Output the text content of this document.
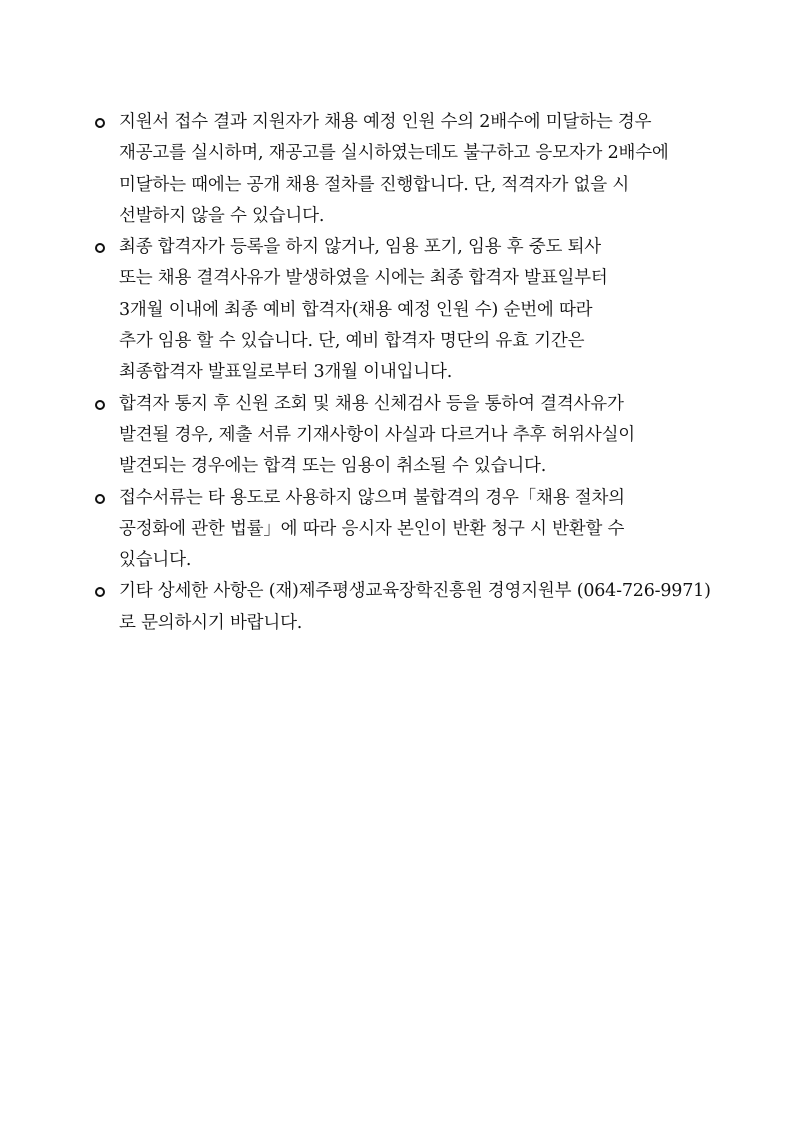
지원서 접수 결과 지원자가 채용 예정 인원 수의 2배수에 미달하는 경우
재공고를 실시하며, 재공고를 실시하였는데도 불구하고 응모자가 2배수에
미달하는 때에는 공개 채용 절차를 진행합니다. 단, 적격자가 없을 시
선발하지 않을 수 있습니다.
최종 합격자가 등록을 하지 않거나, 임용 포기, 임용 후 중도 퇴사
또는 채용 결격사유가 발생하였을 시에는 최종 합격자 발표일부터
3개월 이내에 최종 예비 합격자(채용 예정 인원 수) 순번에 따라
추가 임용 할 수 있습니다. 단, 예비 합격자 명단의 유효 기간은
최종합격자 발표일로부터 3개월 이내입니다.
합격자 통지 후 신원 조회 및 채용 신체검사 등을 통하여 결격사유가
발견될 경우, 제출 서류 기재사항이 사실과 다르거나 추후 허위사실이
발견되는 경우에는 합격 또는 임용이 취소될 수 있습니다.
접수서류는 타 용도로 사용하지 않으며 불합격의 경우「채용 절차의
공정화에 관한 법률」에 따라 응시자 본인이 반환 청구 시 반환할 수
있습니다.
기타 상세한 사항은 (재)제주평생교육장학진흥원 경영지원부 (064-726-9971)
로 문의하시기 바랍니다.
